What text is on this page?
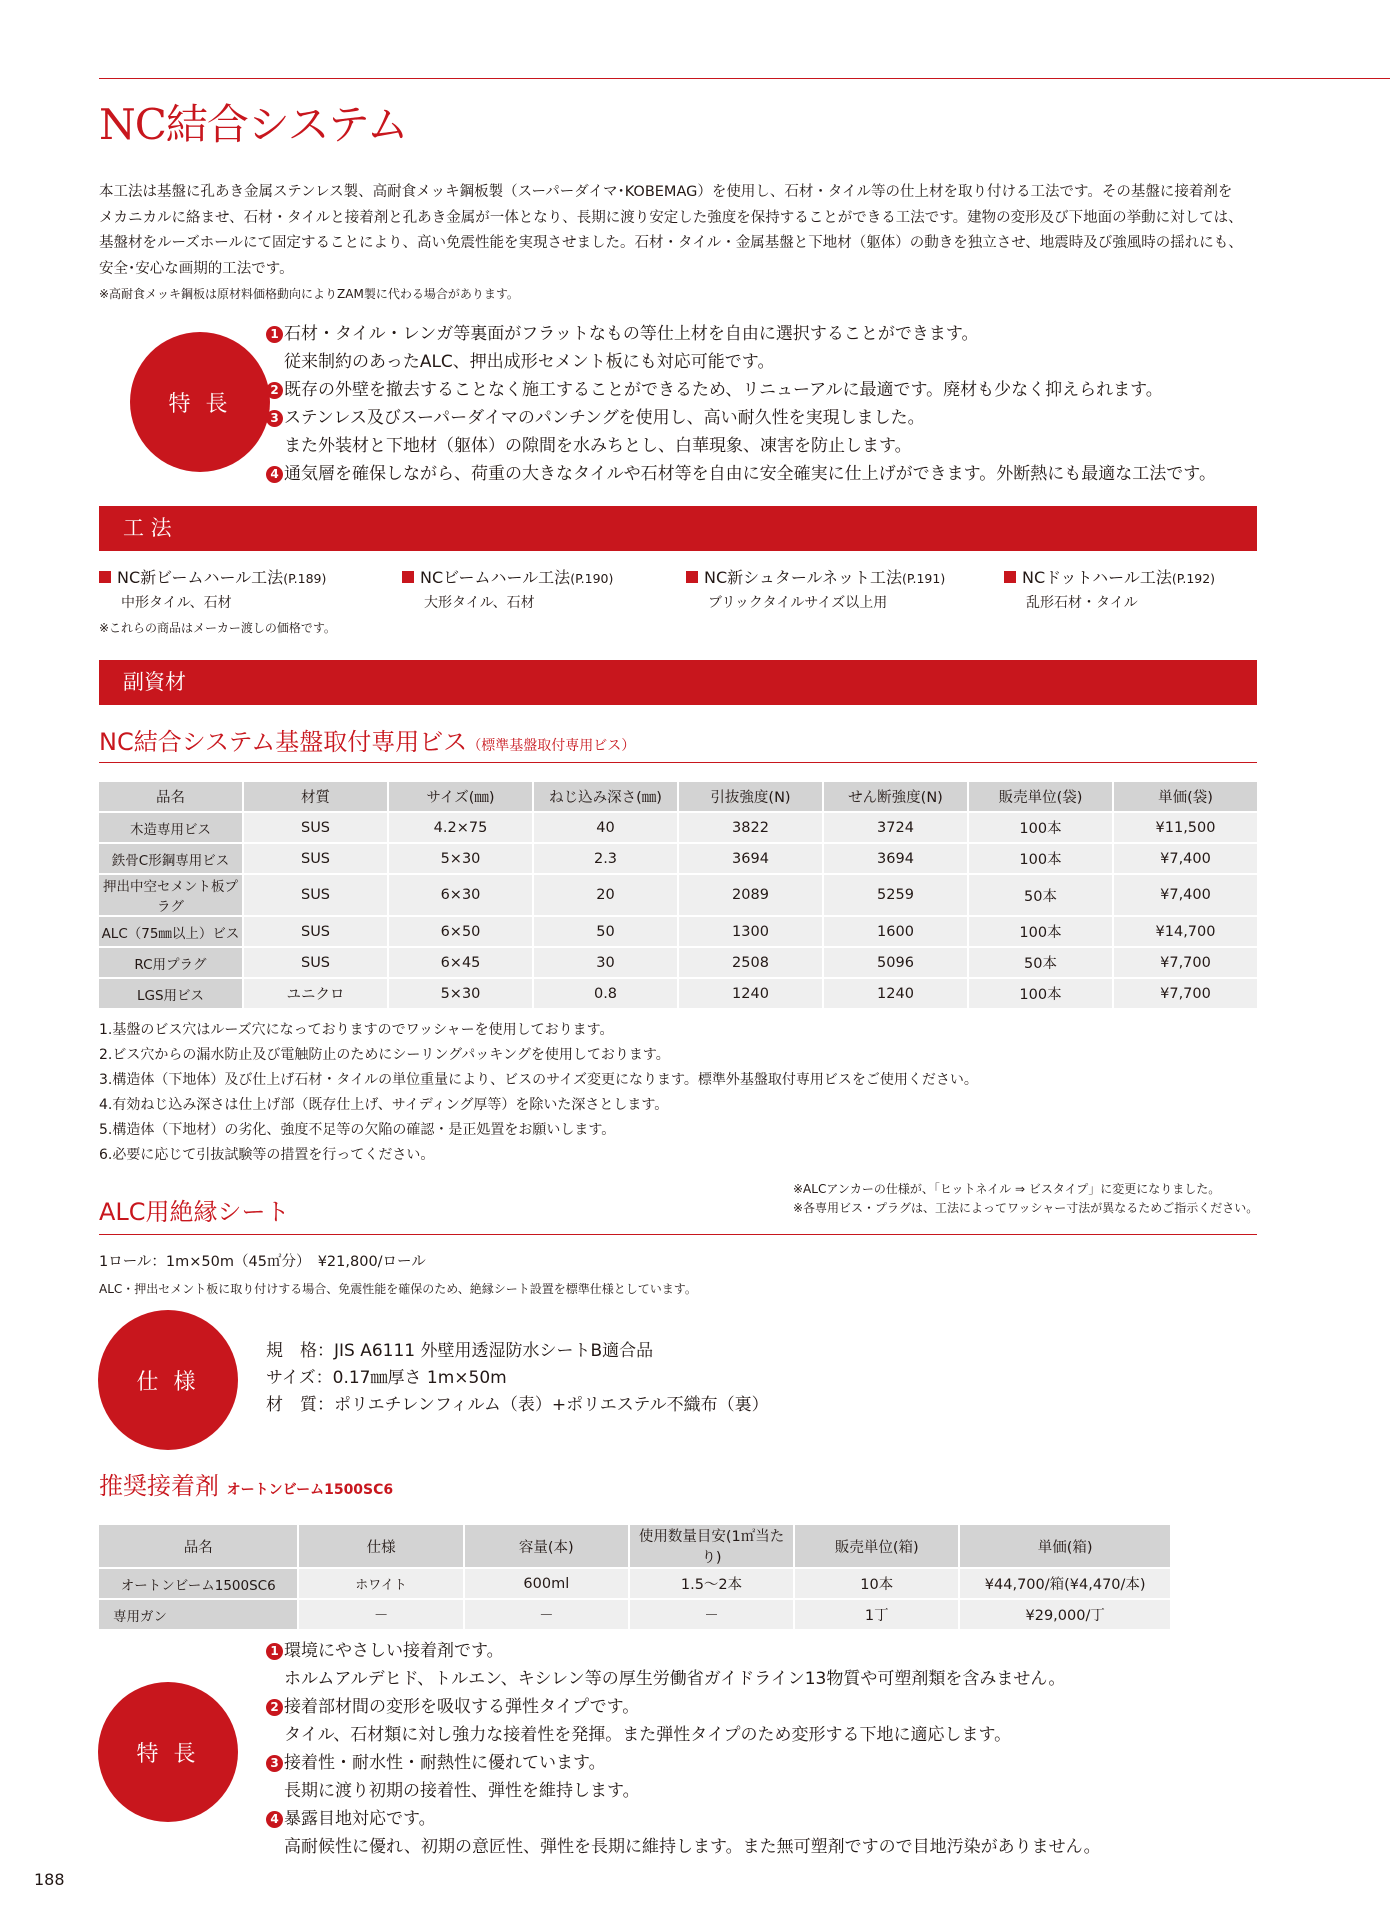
NC結合システム
本工法は基盤に孔あき金属ステンレス製、高耐食メッキ鋼板製（スーパーダイマ･KOBEMAG）を使用し、石材・タイル等の仕上材を取り付ける工法です。その基盤に接着剤を
メカニカルに絡ませ、石材・タイルと接着剤と孔あき金属が一体となり、長期に渡り安定した強度を保持することができる工法です。建物の変形及び下地面の挙動に対しては、
基盤材をルーズホールにて固定することにより、高い免震性能を実現させました。石材・タイル・金属基盤と下地材（躯体）の動きを独立させ、地震時及び強風時の揺れにも、
安全･安心な画期的工法です。
※高耐食メッキ鋼板は原材料価格動向によりZAM製に代わる場合があります。
特 長
1 石材・タイル・レンガ等裏面がフラットなもの等仕上材を自由に選択することができます。
従来制約のあったALC、押出成形セメント板にも対応可能です。
2 既存の外壁を撤去することなく施工することができるため、リニューアルに最適です。廃材も少なく抑えられます。
3 ステンレス及びスーパーダイマのパンチングを使用し、高い耐久性を実現しました。
また外装材と下地材（躯体）の隙間を水みちとし、白華現象、凍害を防止します。
4 通気層を確保しながら、荷重の大きなタイルや石材等を自由に安全確実に仕上げができます。外断熱にも最適な工法です。
工 法
NC新ビームハール工法(P.189)
中形タイル、石材
NCビームハール工法(P.190)
大形タイル、石材
NC新シュタールネット工法(P.191)
ブリックタイルサイズ以上用
NCドットハール工法(P.192)
乱形石材・タイル
※これらの商品はメーカー渡しの価格です。
副資材
NC結合システム基盤取付専用ビス（標準基盤取付専用ビス）
品名	材質	サイズ(㎜)	ねじ込み深さ(㎜)	引抜強度(N)	せん断強度(N)	販売単位(袋)	単価(袋)
木造専用ビス	SUS	4.2×75	40	3822	3724	100本	¥11,500
鉄骨C形鋼専用ビス	SUS	5×30	2.3	3694	3694	100本	¥7,400
押出中空セメント板プラグ	SUS	6×30	20	2089	5259	50本	¥7,400
ALC（75㎜以上）ビス	SUS	6×50	50	1300	1600	100本	¥14,700
RC用プラグ	SUS	6×45	30	2508	5096	50本	¥7,700
LGS用ビス	ユニクロ	5×30	0.8	1240	1240	100本	¥7,700
1.基盤のビス穴はルーズ穴になっておりますのでワッシャーを使用しております。
2.ビス穴からの漏水防止及び電触防止のためにシーリングパッキングを使用しております。
3.構造体（下地体）及び仕上げ石材・タイルの単位重量により、ビスのサイズ変更になります。標準外基盤取付専用ビスをご使用ください。
4.有効ねじ込み深さは仕上げ部（既存仕上げ、サイディング厚等）を除いた深さとします。
5.構造体（下地材）の劣化、強度不足等の欠陥の確認・是正処置をお願いします。
6.必要に応じて引抜試験等の措置を行ってください。
※ALCアンカーの仕様が、「ヒットネイル ⇒ ビスタイプ」に変更になりました。
※各専用ビス・プラグは、工法によってワッシャー寸法が異なるためご指示ください。
ALC用絶縁シート
1ロール：1m×50m（45㎡分）　¥21,800/ロール
ALC・押出セメント板に取り付けする場合、免震性能を確保のため、絶縁シート設置を標準仕様としています。
仕 様
規　格：JIS A6111 外壁用透湿防水シートB適合品
サイズ：0.17㎜厚さ 1m×50m
材　質：ポリエチレンフィルム（表）+ポリエステル不織布（裏）
推奨接着剤 オートンビーム1500SC6
品名	仕様	容量(本)	使用数量目安(1㎡当たり)	販売単位(箱)	単価(箱)
オートンビーム1500SC6	ホワイト	600ml	1.5〜2本	10本	¥44,700/箱(¥4,470/本)
専用ガン	－	－	－	1丁	¥29,000/丁
特 長
1 環境にやさしい接着剤です。
ホルムアルデヒド、トルエン、キシレン等の厚生労働省ガイドライン13物質や可塑剤類を含みません。
2 接着部材間の変形を吸収する弾性タイプです。
タイル、石材類に対し強力な接着性を発揮。また弾性タイプのため変形する下地に適応します。
3 接着性・耐水性・耐熱性に優れています。
長期に渡り初期の接着性、弾性を維持します。
4 暴露目地対応です。
高耐候性に優れ、初期の意匠性、弾性を長期に維持します。また無可塑剤ですので目地汚染がありません。
188
